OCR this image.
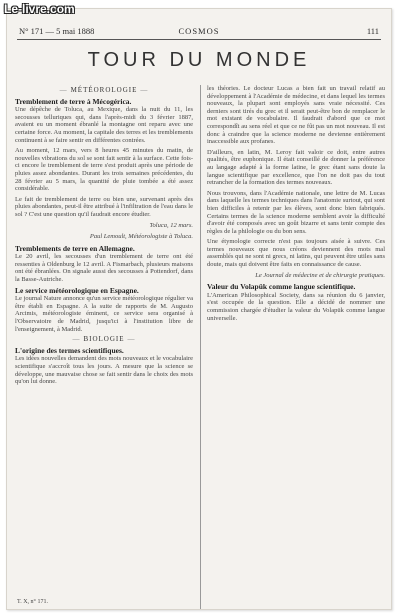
N° 171 — 5 mai 1888	COSMOS	111
TOUR DU MONDE
— MÉTÉOROLOGIE —
Tremblement de terre à Mécogérica.

Une dépêche de Toluca, au Mexique, dans la nuit du 11, les secousses telluriques qui, dans l'après-midi du 3 février 1887, avaient eu un moment ébranlé la montagne ont reparu avec une certaine force. Au moment, la capitale des terres et les tremblements continuent à se faire sentir en différentes contrées.

Au moment, 12 mars, vers 8 heures 45 minutes du matin, de nouvelles vibrations du sol se sont fait sentir à la surface. Cette fois-ci encore le tremblement de terre s'est produit après une période de pluies assez abondantes. Durant les trois semaines précédentes, du 28 février au 5 mars, la quantité de pluie tombée a été assez considérable.

Le fait de tremblement de terre ou bien une, survenant après des pluies abondantes, peut-il être attribué à l'infiltration de l'eau dans le sol ? C'est une question qu'il faudrait encore étudier.

Toluca, 12 mars.
Paul Lemoult, Météorologiste à Toluca.
Tremblements de terre en Allemagne.

Le 20 avril, les secousses d'un tremblement de terre ont été ressenties à Oldenburg le 12 avril. A Fismarbach, plusieurs maisons ont été ébranlées. On signale aussi des secousses à Pottendorf, dans la Basse-Autriche.

Le service météorologique en Espagne.

Le journal Nature annonce qu'un service météorologique régulier va être établi en Espagne. A la suite de rapports de M. Augusto Arcimis, météorologiste éminent, ce service sera organisé à l'Observatoire de Madrid, jusqu'ici à l'institution libre de l'enseignement, à Madrid.

— BIOLOGIE —
L'origine des termes scientifiques.

Les idées nouvelles demandent des mots nouveaux et le vocabulaire scientifique s'accroît tous les jours. A mesure que la science se développe, une mauvaise chose se fait sentir dans le choix des mots qu'on lui donne.

les théories. Le docteur Lucas a bien fait un travail relatif au développement à l'Académie de médecine, et dans lequel les termes nouveaux, la plupart sont employés sans vraie nécessité. Ces derniers sont tirés du grec et il serait peut-être bon de remplacer le mot existant de vocabulaire. Il faudrait d'abord que ce mot correspondît au sens réel et que ce ne fût pas un mot nouveau. Il est donc à craindre que la science moderne ne devienne entièrement inaccessible aux profanes.

D'ailleurs, en latin, M. Leroy fait valoir ce doit, entre autres qualités, être euphonique. Il était conseillé de donner la préférence au langage adapté à la forme latine, le grec étant sans doute la langue scientifique par excellence, que l'on ne doit pas du tout retrancher de la formation des termes nouveaux.

Nous trouvons, dans l'Académie nationale, une lettre de M. Lucas dans laquelle les termes techniques dans l'anatomie surtout, qui sont bien difficiles à retenir par les élèves, sont donc bien fabriqués. Certains termes de la science moderne semblent avoir la difficulté d'avoir été composés avec un goût bizarre et sans tenir compte des règles de la philologie ou du bon sens.

Une étymologie correcte n'est pas toujours aisée à suivre. Ces termes nouveaux que nous créons deviennent des mots mal assemblés qui ne sont ni grecs, ni latins, qui peuvent être utiles sans doute, mais qui doivent être faits en connaissance de cause.

Le Journal de médecine et de chirurgie pratiques.
Valeur du Volapük comme langue scientifique.

L'American Philosophical Society, dans sa réunion du 6 janvier, s'est occupée de la question. Elle a décidé de nommer une commission chargée d'étudier la valeur du Volapük comme langue universelle.

T. X, n° 171.
Le-livre.com
